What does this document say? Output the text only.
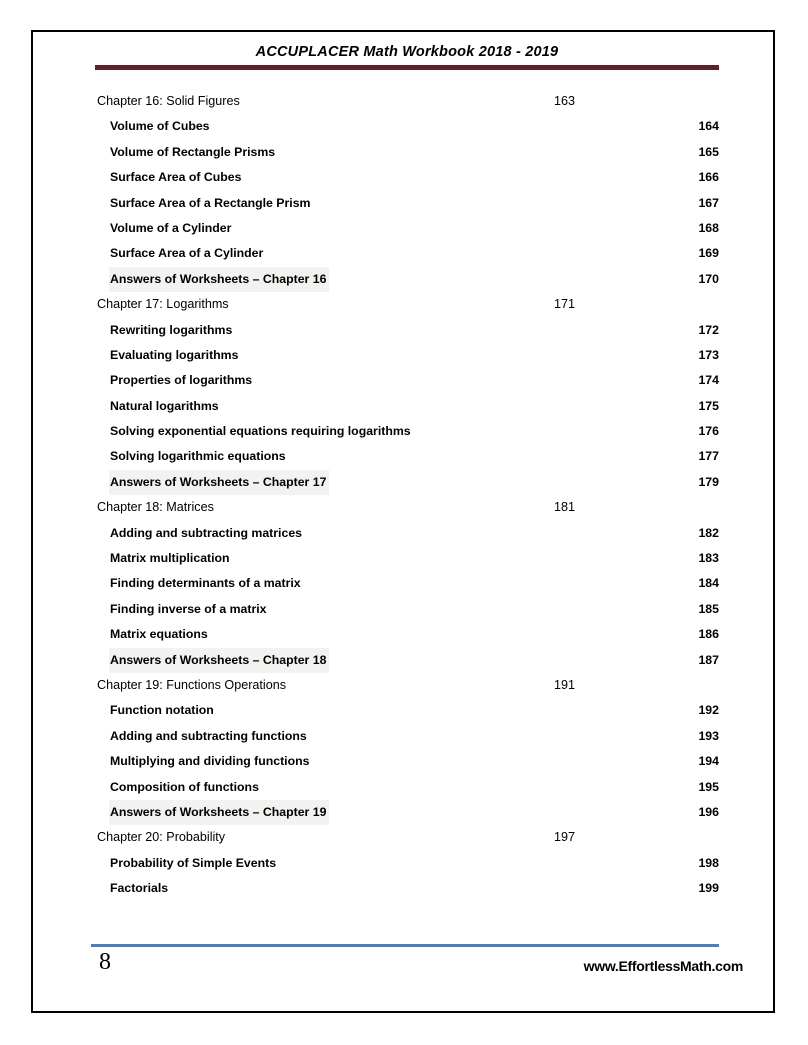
ACCUPLACER Math Workbook 2018 - 2019
Chapter 16: Solid Figures .....	163
Volume of Cubes .....	164
Volume of Rectangle Prisms .....	165
Surface Area of Cubes .....	166
Surface Area of a Rectangle Prism .....	167
Volume of a Cylinder .....	168
Surface Area of a Cylinder .....	169
Answers of Worksheets – Chapter 16 .....	170
Chapter 17: Logarithms .....	171
Rewriting logarithms .....	172
Evaluating logarithms .....	173
Properties of logarithms .....	174
Natural logarithms .....	175
Solving exponential equations requiring logarithms .....	176
Solving logarithmic equations .....	177
Answers of Worksheets – Chapter 17 .....	179
Chapter 18: Matrices .....	181
Adding and subtracting matrices .....	182
Matrix multiplication .....	183
Finding determinants of a matrix .....	184
Finding inverse of a matrix .....	185
Matrix equations .....	186
Answers of Worksheets – Chapter 18 .....	187
Chapter 19: Functions Operations .....	191
Function notation .....	192
Adding and subtracting functions .....	193
Multiplying and dividing functions .....	194
Composition of functions .....	195
Answers of Worksheets – Chapter 19 .....	196
Chapter 20: Probability .....	197
Probability of Simple Events .....	198
Factorials .....	199
8	www.EffortlessMath.com
